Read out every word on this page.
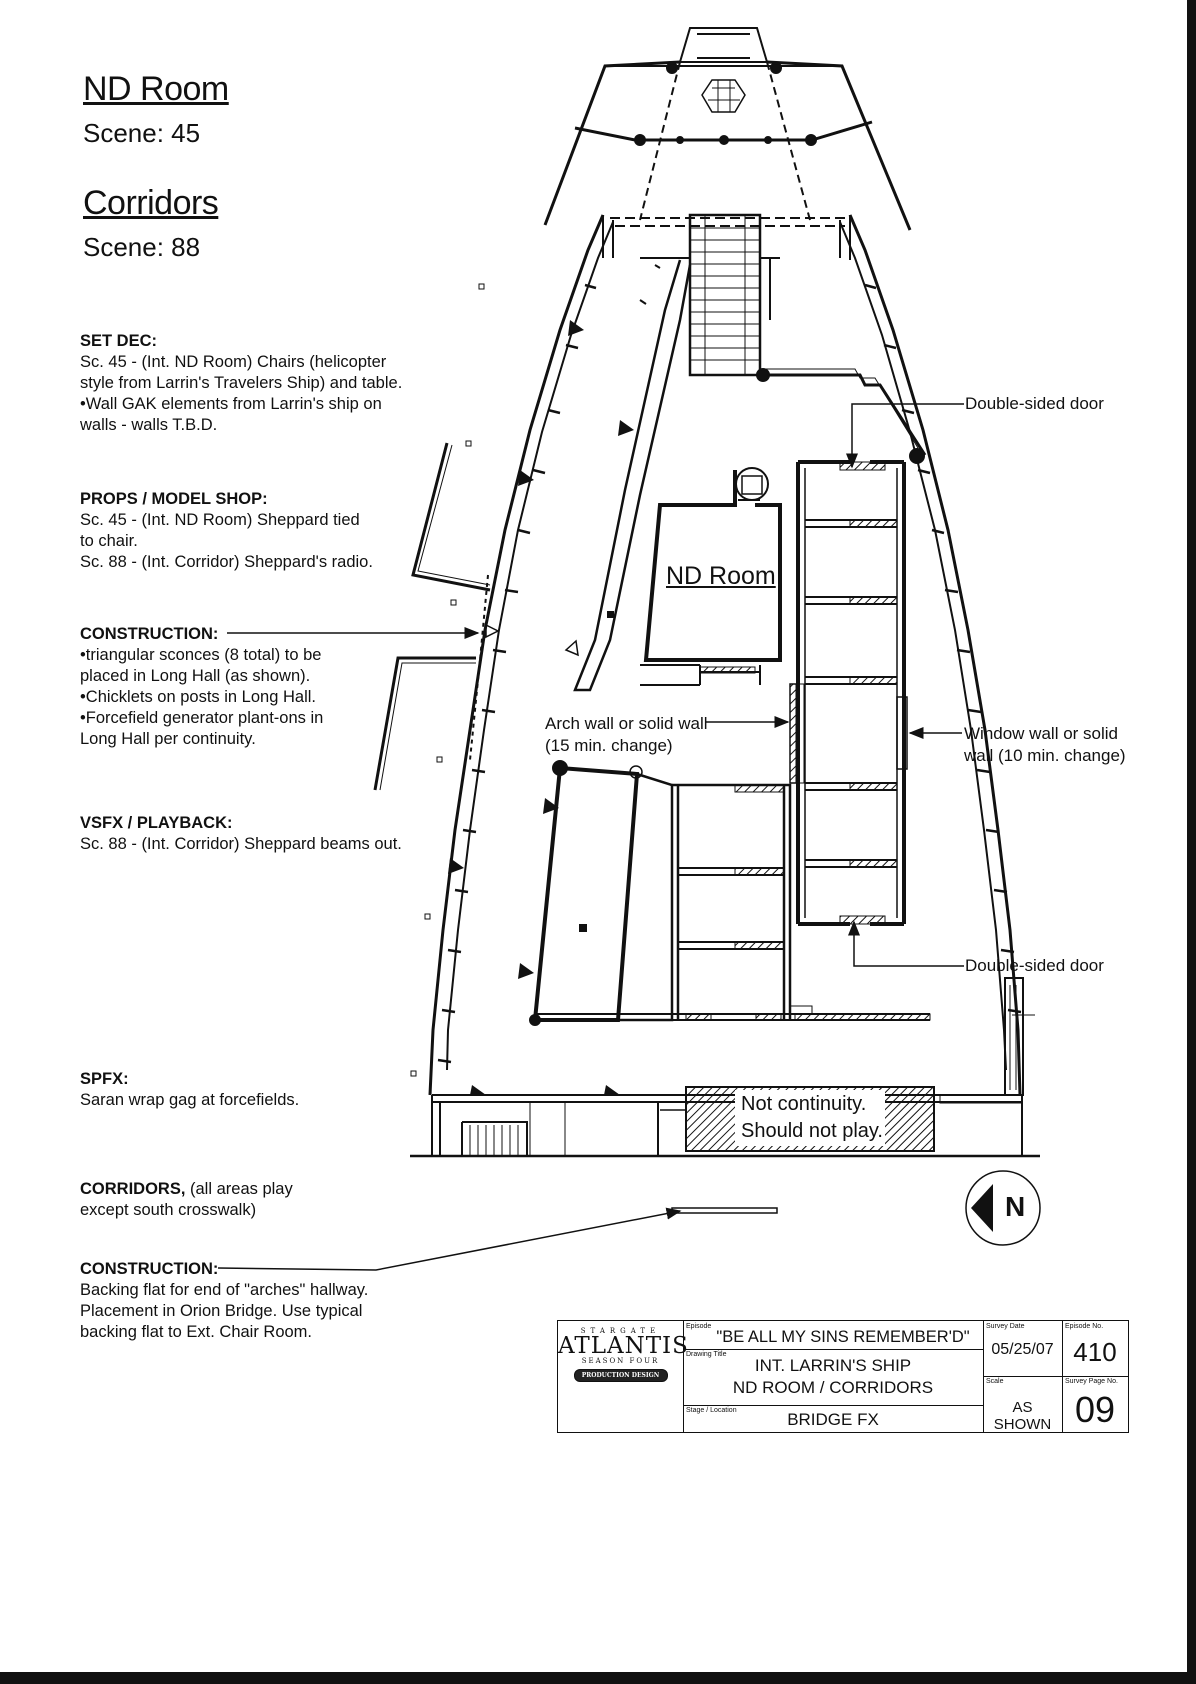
ND Room
Scene: 45
Corridors
Scene: 88

SET DEC:

Sc. 45 - (Int. ND Room) Chairs (helicopter

style from Larrin's Travelers Ship) and table.

•Wall GAK elements from Larrin's ship on

walls - walls T.B.D.

PROPS / MODEL SHOP:

Sc. 45 - (Int. ND Room) Sheppard tied

to chair.

Sc. 88 - (Int. Corridor) Sheppard's radio.

CONSTRUCTION:

•triangular sconces (8 total) to be

placed in Long Hall (as shown).

•Chicklets on posts in Long Hall.

•Forcefield generator plant-ons in

Long Hall per continuity.

VSFX / PLAYBACK:

Sc. 88 - (Int. Corridor) Sheppard beams out.

SPFX:

Saran wrap gag at forcefields.

CORRIDORS, (all areas play

except south crosswalk)

CONSTRUCTION:

Backing flat for end of "arches" hallway.

Placement in Orion Bridge. Use typical

backing flat to Ext. Chair Room.

ND Room
Double-sided door
Double-sided door
Arch wall or solid wall
(15 min. change)
Window wall or solid
wall (10 min. change)
Not continuity.
Should not play.
N
STARGATE
ATLANTIS
SEASON FOUR
PRODUCTION DESIGN
Episode
"BE ALL MY SINS REMEMBER'D"
Drawing Title
INT. LARRIN'S SHIP
ND ROOM / CORRIDORS
Stage / Location	BRIDGE FX
Survey Date
05/25/07
Scale
AS SHOWN
Episode No.
410
Survey Page No.
09
